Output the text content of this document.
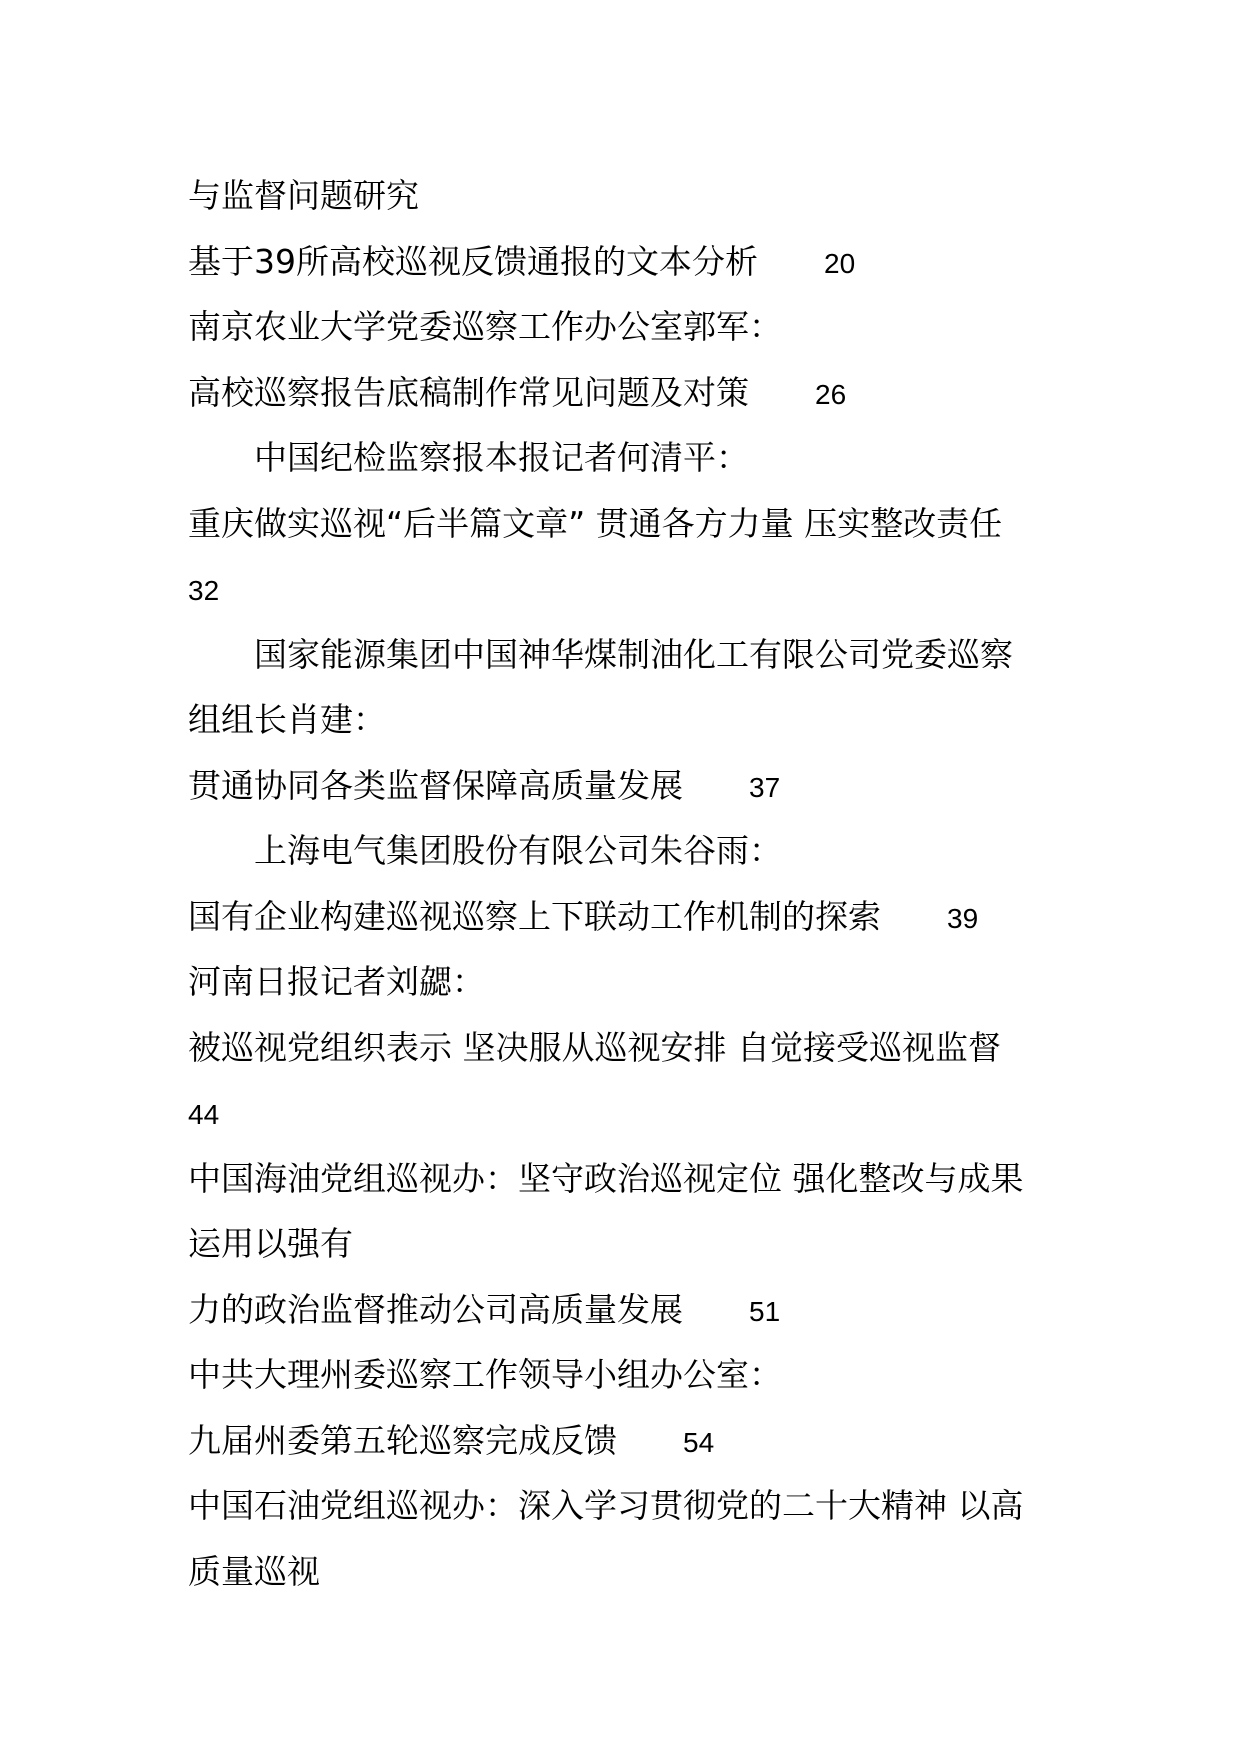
与监督问题研究
基于39所高校巡视反馈通报的文本分析 20
南京农业大学党委巡察工作办公室郭军：
高校巡察报告底稿制作常见问题及对策 26
中国纪检监察报本报记者何清平：
重庆做实巡视“后半篇文章” 贯通各方力量 压实整改责任
32
国家能源集团中国神华煤制油化工有限公司党委巡察
组组长肖建：
贯通协同各类监督保障高质量发展 37
上海电气集团股份有限公司朱谷雨：
国有企业构建巡视巡察上下联动工作机制的探索 39
河南日报记者刘勰：
被巡视党组织表示 坚决服从巡视安排 自觉接受巡视监督
44
中国海油党组巡视办：坚守政治巡视定位 强化整改与成果
运用以强有
力的政治监督推动公司高质量发展 51
中共大理州委巡察工作领导小组办公室：
九届州委第五轮巡察完成反馈 54
中国石油党组巡视办：深入学习贯彻党的二十大精神 以高
质量巡视
